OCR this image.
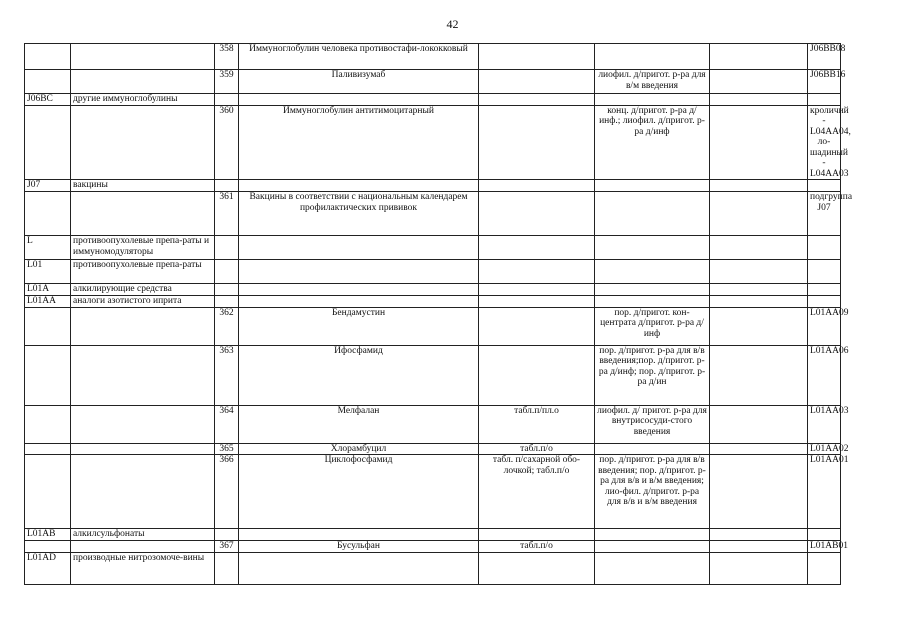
42
		358	Иммуноглобулин человека противостафи-лококковый				J06BB08
		359	Паливизумаб		лиофил. д/пригот. р-ра для в/м введения		J06BB16
J06BC	другие иммуноглобулины						
		360	Иммуноглобулин антитимоцитарный		конц. д/пригот. р-ра д/инф.; лиофил. д/пригот. р-ра д/инф		кроличий - L04AA04, ло-шадиный - L04AA03
J07	вакцины						
		361	Вакцины в соответствии с национальным календарем профилактических прививок				подгруппа J07
L	противоопухолевые препа-раты и иммуномодуляторы						
L01	противоопухолевые препа-раты						
L01A	алкилирующие средства						
L01AA	аналоги азотистого иприта						
		362	Бендамустин		пор. д/пригот. кон-центрата д/пригот. р-ра д/инф		L01AA09
		363	Ифосфамид		пор. д/пригот. р-ра для в/в введения;пор. д/пригот. р-ра д/инф; пор. д/пригот. р-ра д/ин		L01AA06
		364	Мелфалан	табл.п/пл.о	лиофил. д/ пригот. р-ра для внутрисосуди-стого введения		L01AA03
		365	Хлорамбуцил	табл.п/о			L01AA02
		366	Циклофосфамид	табл. п/сахарной обо-лочкой; табл.п/о	пор. д/пригот. р-ра для в/в введения; пор. д/пригот. р-ра для в/в и в/м введения; лио-фил. д/пригот. р-ра для в/в и в/м введения		L01AA01
L01AB	алкилсульфонаты						
		367	Бусульфан	табл.п/о			L01AB01
L01AD	производные нитрозомоче-вины						
